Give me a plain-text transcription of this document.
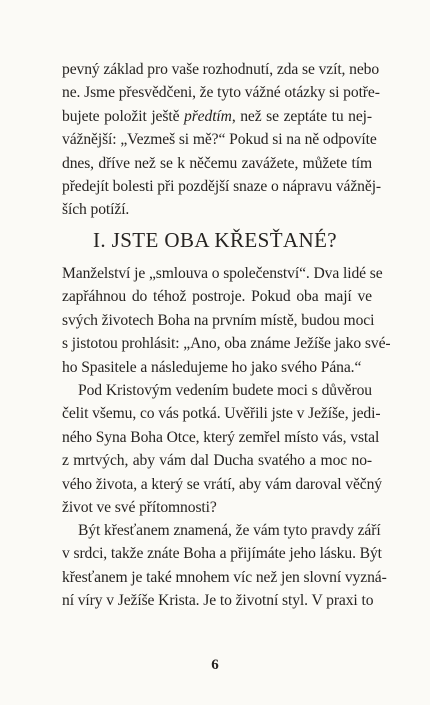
pevný základ pro vaše rozhodnutí, zda se vzít, nebo
ne. Jsme přesvědčeni, že tyto vážné otázky si potře-
bujete položit ještě předtím, než se zeptáte tu nej-
vážnější: „Vezmeš si mě?“ Pokud si na ně odpovíte
dnes, dříve než se k něčemu zavážete, můžete tím
předejít bolesti při pozdější snaze o nápravu vážněj-
ších potíží.
I. JSTE OBA KŘESŤANÉ?
Manželství je „smlouva o společenství“. Dva lidé se
zapřáhnou do téhož postroje. Pokud oba mají ve
svých životech Boha na prvním místě, budou moci
s jistotou prohlásit: „Ano, oba známe Ježíše jako své-
ho Spasitele a následujeme ho jako svého Pána.“
Pod Kristovým vedením budete moci s důvěrou
čelit všemu, co vás potká. Uvěřili jste v Ježíše, jedi-
ného Syna Boha Otce, který zemřel místo vás, vstal
z mrtvých, aby vám dal Ducha svatého a moc no-
vého života, a který se vrátí, aby vám daroval věčný
život ve své přítomnosti?
Být křesťanem znamená, že vám tyto pravdy září
v srdci, takže znáte Boha a přijímáte jeho lásku. Být
křesťanem je také mnohem víc než jen slovní vyzná-
ní víry v Ježíše Krista. Je to životní styl. V praxi to
6
